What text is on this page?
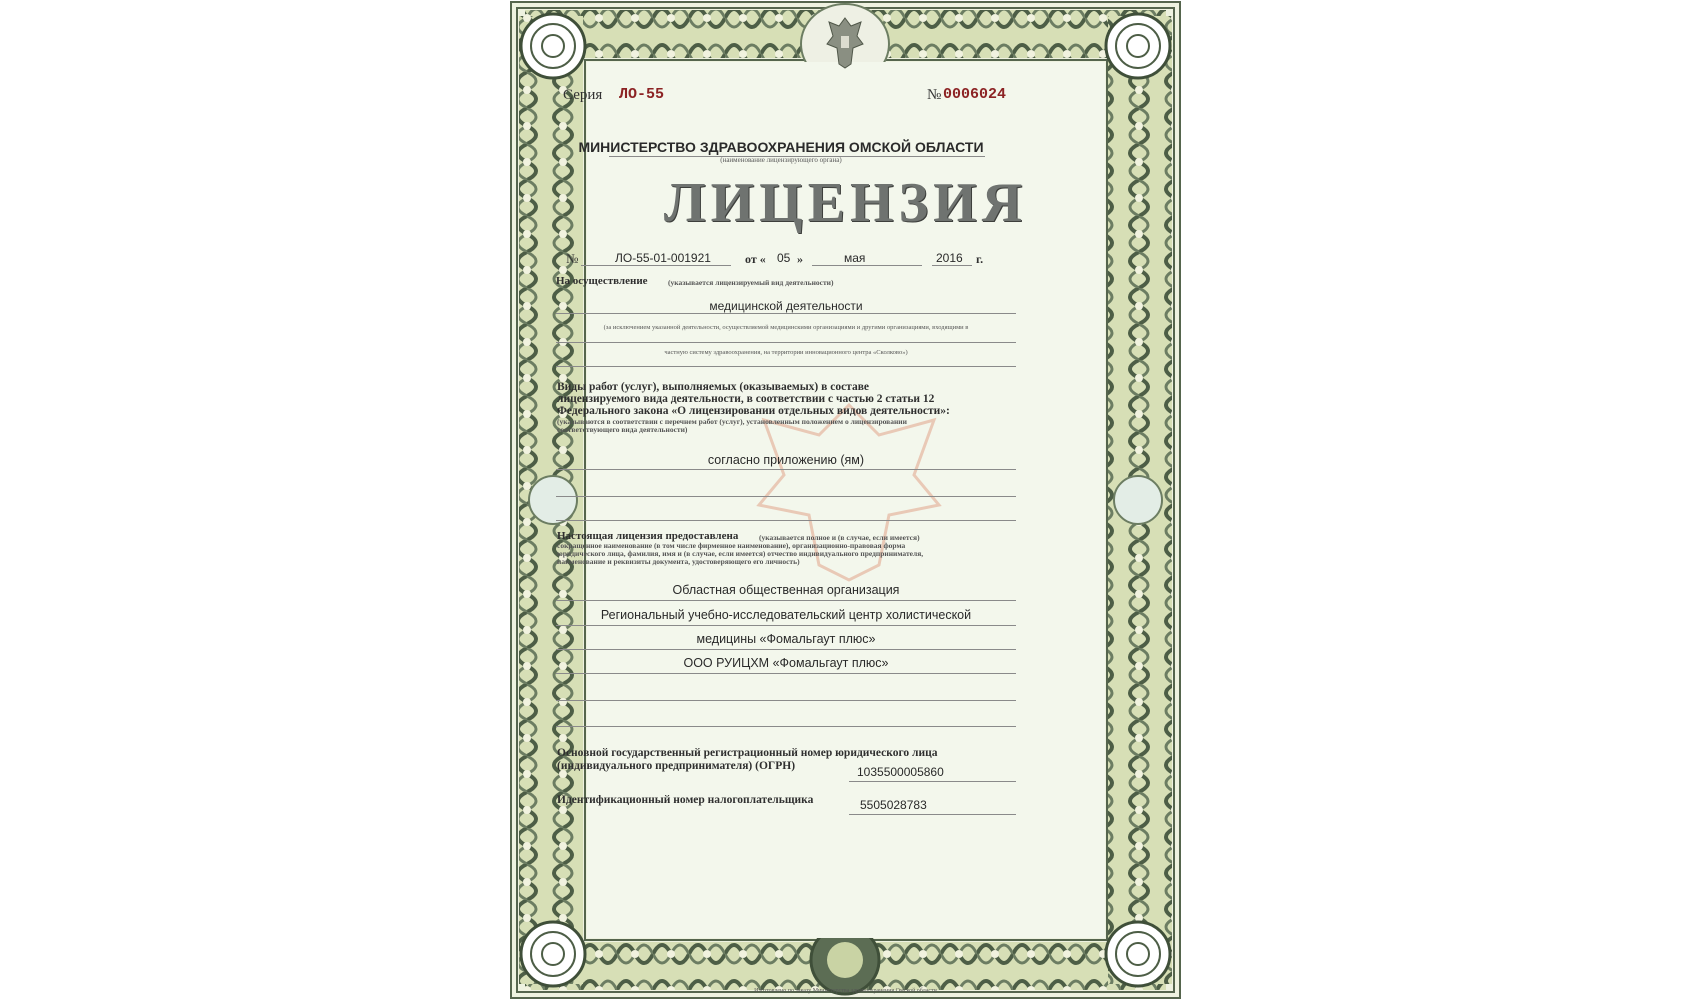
Серия ЛО-55	№ 0006024
МИНИСТЕРСТВО ЗДРАВООХРАНЕНИЯ ОМСКОЙ ОБЛАСТИ
(наименование лицензирующего органа)
ЛИЦЕНЗИЯ
№	ЛО-55-01-001921	от « 05 »	мая	2016 г.
На осуществление	(указывается лицензируемый вид деятельности)
медицинской деятельности
(за исключением указанной деятельности, осуществляемой медицинскими организациями и другими организациями, входящими в
частную систему здравоохранения, на территории инновационного центра «Сколково»)
Виды работ (услуг), выполняемых (оказываемых) в составе
лицензируемого вида деятельности, в соответствии с частью 2 статьи 12
Федерального закона «О лицензировании отдельных видов деятельности»:
(указываются в соответствии с перечнем работ (услуг), установленным положением о лицензировании
соответствующего вида деятельности)
согласно приложению (ям)
Настоящая лицензия предоставлена	(указывается полное и (в случае, если имеется)
сокращенное наименование (в том числе фирменное наименование), организационно-правовая форма
юридического лица, фамилия, имя и (в случае, если имеется) отчество индивидуального предпринимателя,
наименование и реквизиты документа, удостоверяющего его личность)
Областная общественная организация
Региональный учебно-исследовательский центр холистической
медицины «Фомальгаут плюс»
ООО РУИЦХМ «Фомальгаут плюс»
Основной государственный регистрационный номер юридического лица
(индивидуального предпринимателя) (ОГРН)	1035500005860
Идентификационный номер налогоплательщика	5505028783
Изготовлено по заказу Министерства здравоохранения Омской области
